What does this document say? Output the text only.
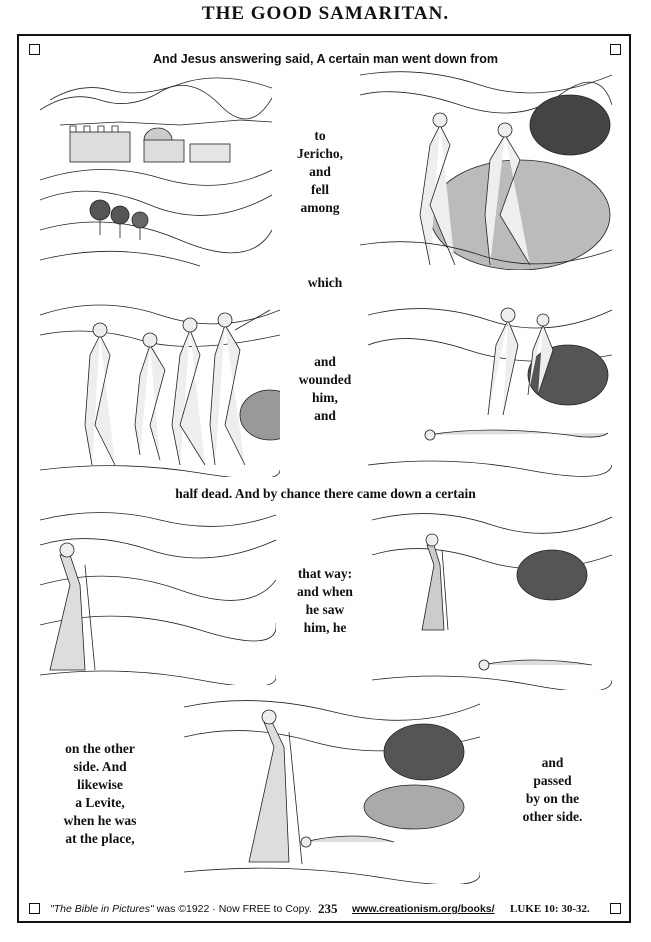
THE GOOD SAMARITAN.
And Jesus answering said, A certain man went down from
to
Jericho,
and
fell
among
which
and
wounded
him,
and
half dead. And by chance there came down a certain
that way:
and when
he saw
him, he
on the other
side. And
likewise
a Levite,
when he was
at the place,
and
passed
by on the
other side.
"The Bible in Pictures" was ©1922 · Now FREE to Copy. 235 www.creationism.org/books/ LUKE 10: 30-32.
